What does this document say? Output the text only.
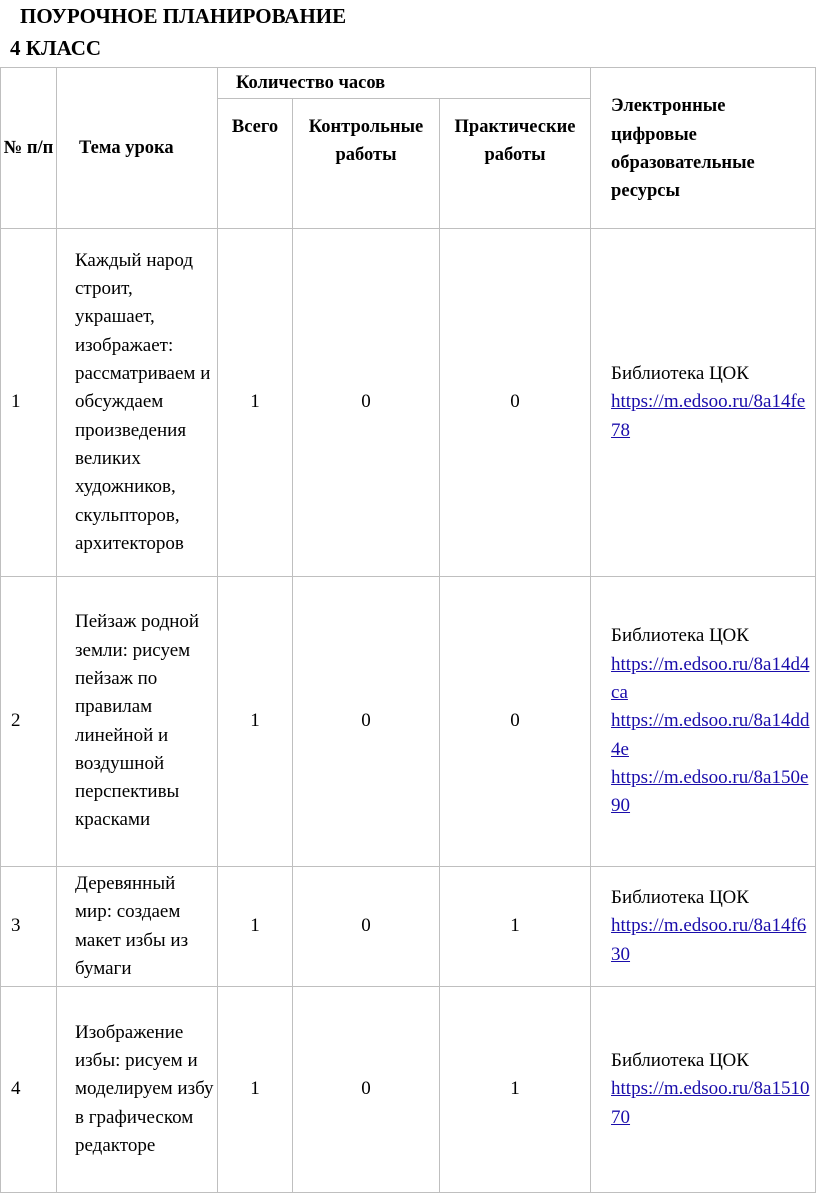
ПОУРОЧНОЕ ПЛАНИРОВАНИЕ
4 КЛАСС
№ п/п	Тема урока	Количество часов			Электронные цифровые образовательные ресурсы
		Всего	Контрольные работы	Практические работы	
1	Каждый народ строит, украшает, изображает: рассматриваем и обсуждаем произведения великих художников, скульпторов, архитекторов	1	0	0	Библиотека ЦОК
https://m.edsoo.ru/8a14fe78

2	Пейзаж родной земли: рисуем пейзаж по правилам линейной и воздушной перспективы красками	1	0	0	Библиотека ЦОК
https://m.edsoo.ru/8a14d4ca
https://m.edsoo.ru/8a14dd4e
https://m.edsoo.ru/8a150e90

3	Деревянный мир: создаем макет избы из бумаги	1	0	1	Библиотека ЦОК
https://m.edsoo.ru/8a14f630

4	Изображение избы: рисуем и моделируем избу в графическом редакторе	1	0	1	Библиотека ЦОК
https://m.edsoo.ru/8a151070
